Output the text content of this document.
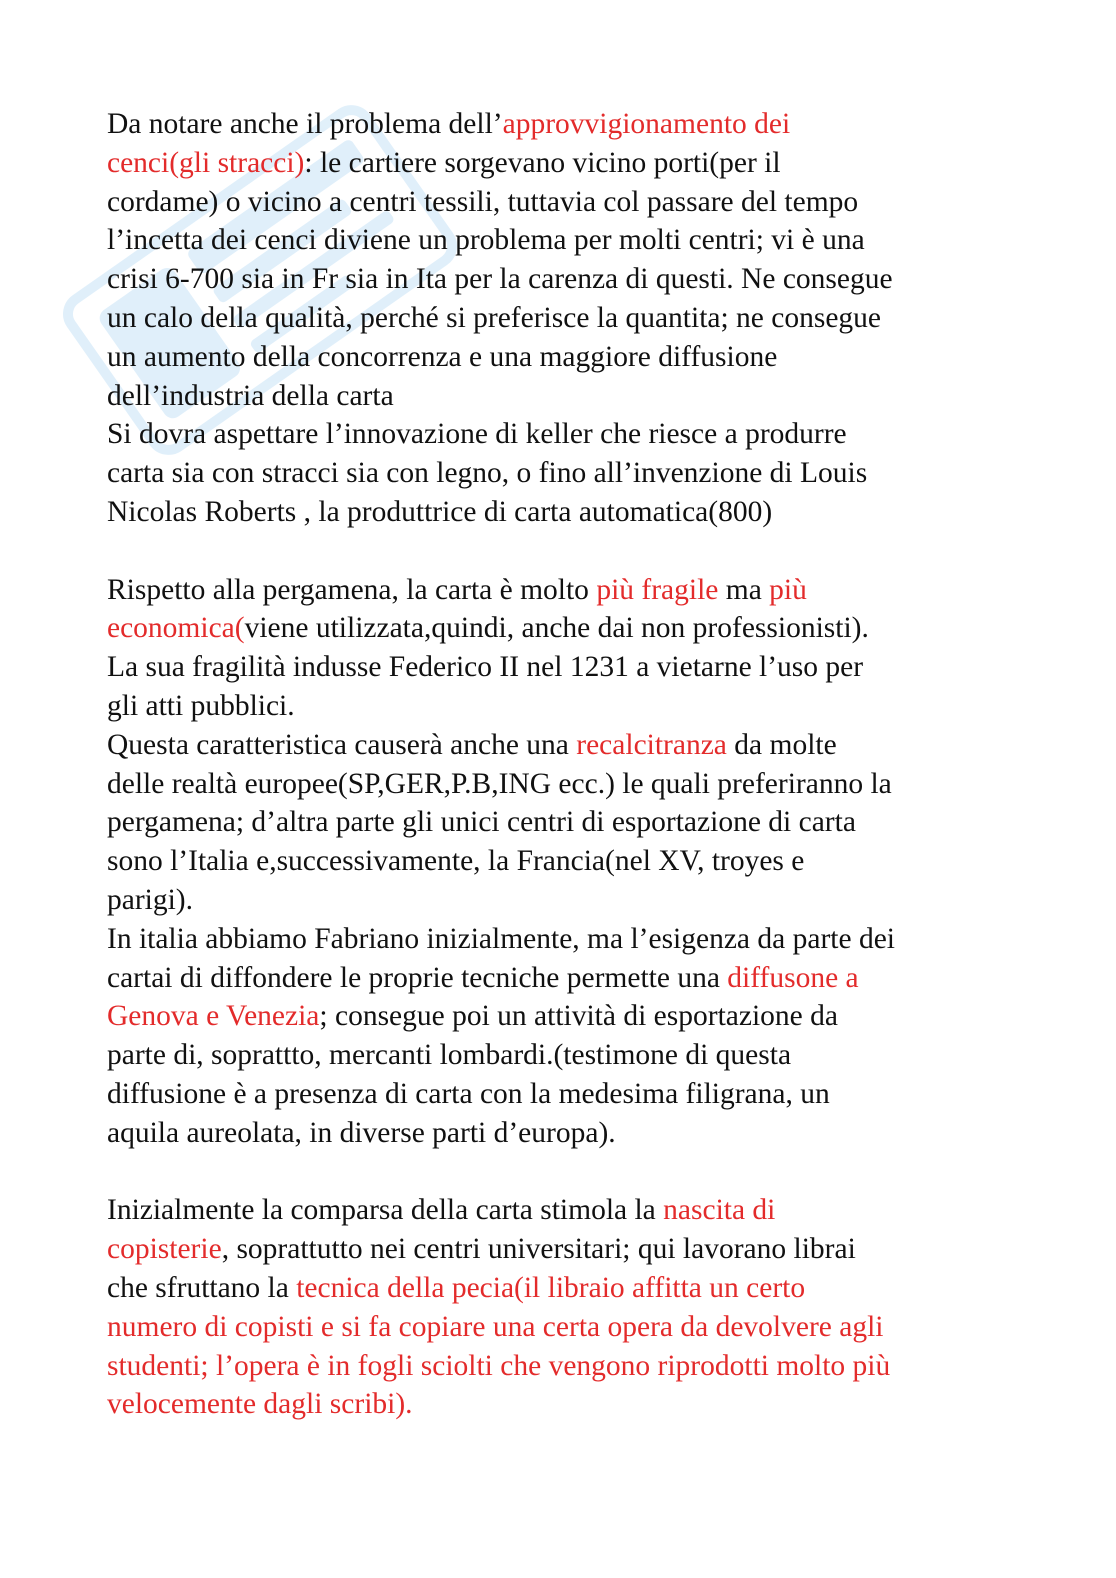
Da notare anche il problema dell’approvvigionamento dei
cenci(gli stracci): le cartiere sorgevano vicino porti(per il
cordame) o vicino a centri tessili, tuttavia col passare del tempo
l’incetta dei cenci diviene un problema per molti centri; vi è una
crisi 6-700 sia in Fr sia in Ita per la carenza di questi. Ne consegue
un calo della qualità, perché si preferisce la quantita; ne consegue
un aumento della concorrenza e una maggiore diffusione
dell’industria della carta
Si dovra aspettare l’innovazione di keller che riesce a produrre
carta sia con stracci sia con legno, o fino all’invenzione di Louis
Nicolas Roberts , la produttrice di carta automatica(800)

Rispetto alla pergamena, la carta è molto più fragile ma più
economica(viene utilizzata,quindi, anche dai non professionisti).
La sua fragilità indusse Federico II nel 1231 a vietarne l’uso per
gli atti pubblici.
Questa caratteristica causerà anche una recalcitranza da molte
delle realtà europee(SP,GER,P.B,ING ecc.) le quali preferiranno la
pergamena; d’altra parte gli unici centri di esportazione di carta
sono l’Italia e,successivamente, la Francia(nel XV, troyes e
parigi).
In italia abbiamo Fabriano inizialmente, ma l’esigenza da parte dei
cartai di diffondere le proprie tecniche permette una diffusone a
Genova e Venezia; consegue poi un attività di esportazione da
parte di, soprattto, mercanti lombardi.(testimone di questa
diffusione è a presenza di carta con la medesima filigrana, un
aquila aureolata, in diverse parti d’europa).

Inizialmente la comparsa della carta stimola la nascita di
copisterie, soprattutto nei centri universitari; qui lavorano librai
che sfruttano la tecnica della pecia(il libraio affitta un certo
numero di copisti e si fa copiare una certa opera da devolvere agli
studenti; l’opera è in fogli sciolti che vengono riprodotti molto più
velocemente dagli scribi).
